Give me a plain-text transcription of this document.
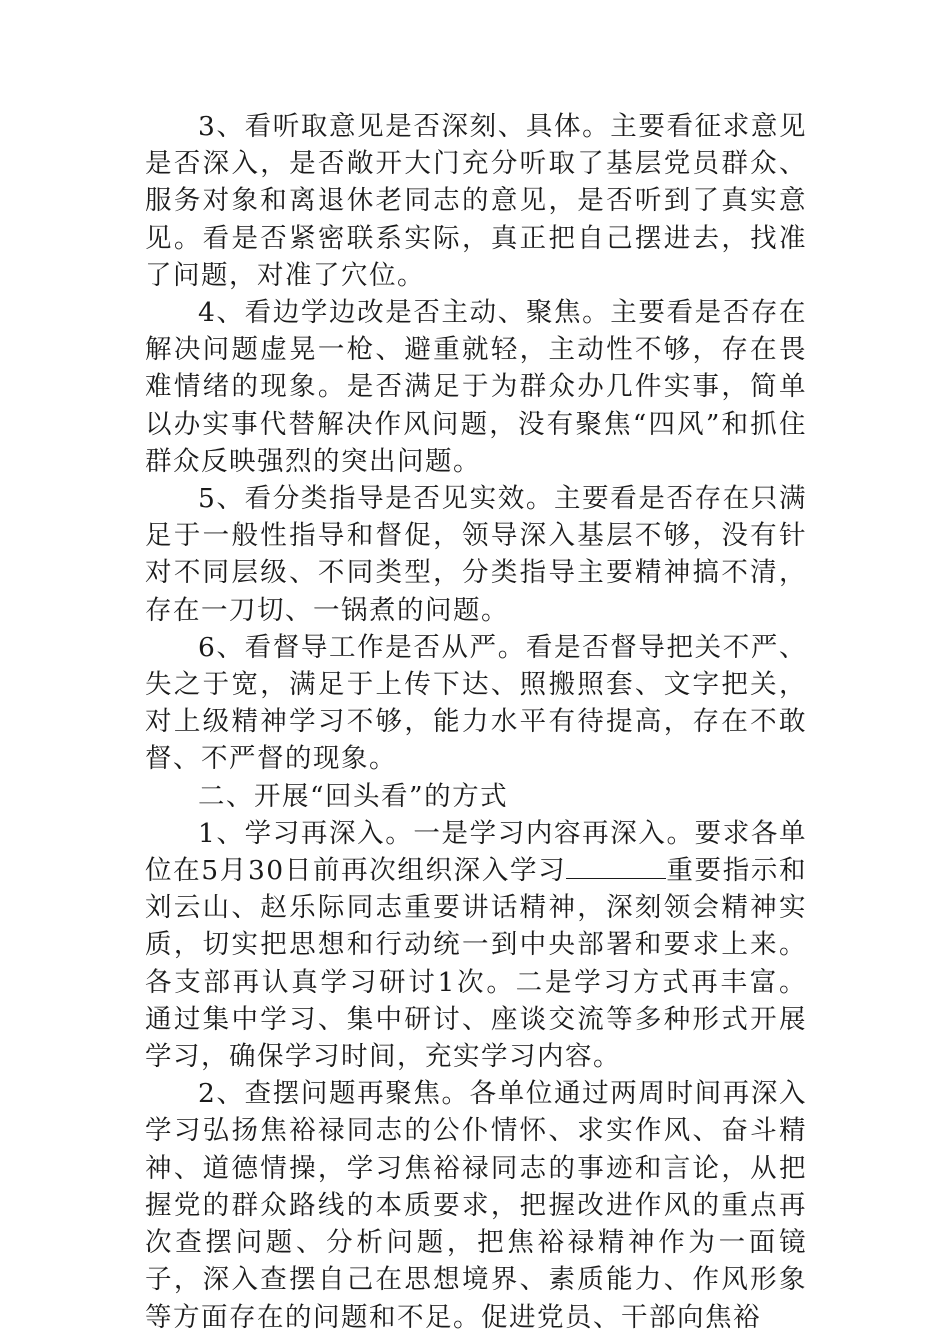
3、看听取意见是否深刻、具体。主要看征求意见是否深入，是否敞开大门充分听取了基层党员群众、服务对象和离退休老同志的意见，是否听到了真实意见。看是否紧密联系实际，真正把自己摆进去，找准了问题，对准了穴位。

4、看边学边改是否主动、聚焦。主要看是否存在解决问题虚晃一枪、避重就轻，主动性不够，存在畏难情绪的现象。是否满足于为群众办几件实事，简单以办实事代替解决作风问题，没有聚焦“四风”和抓住群众反映强烈的突出问题。

5、看分类指导是否见实效。主要看是否存在只满足于一般性指导和督促，领导深入基层不够，没有针对不同层级、不同类型，分类指导主要精神搞不清，存在一刀切、一锅煮的问题。

6、看督导工作是否从严。看是否督导把关不严、失之于宽，满足于上传下达、照搬照套、文字把关，对上级精神学习不够，能力水平有待提高，存在不敢督、不严督的现象。

二、开展“回头看”的方式

1、学习再深入。一是学习内容再深入。要求各单位在5月30日前再次组织深入学习	重要指示和刘云山、赵乐际同志重要讲话精神，深刻领会精神实质，切实把思想和行动统一到中央部署和要求上来。各支部再认真学习研讨1次。二是学习方式再丰富。通过集中学习、集中研讨、座谈交流等多种形式开展学习，确保学习时间，充实学习内容。

2、查摆问题再聚焦。各单位通过两周时间再深入学习弘扬焦裕禄同志的公仆情怀、求实作风、奋斗精神、道德情操，学习焦裕禄同志的事迹和言论，从把握党的群众路线的本质要求，把握改进作风的重点再次查摆问题、分析问题，把焦裕禄精神作为一面镜子，深入查摆自己在思想境界、素质能力、作风形象等方面存在的问题和不足。促进党员、干部向焦裕
